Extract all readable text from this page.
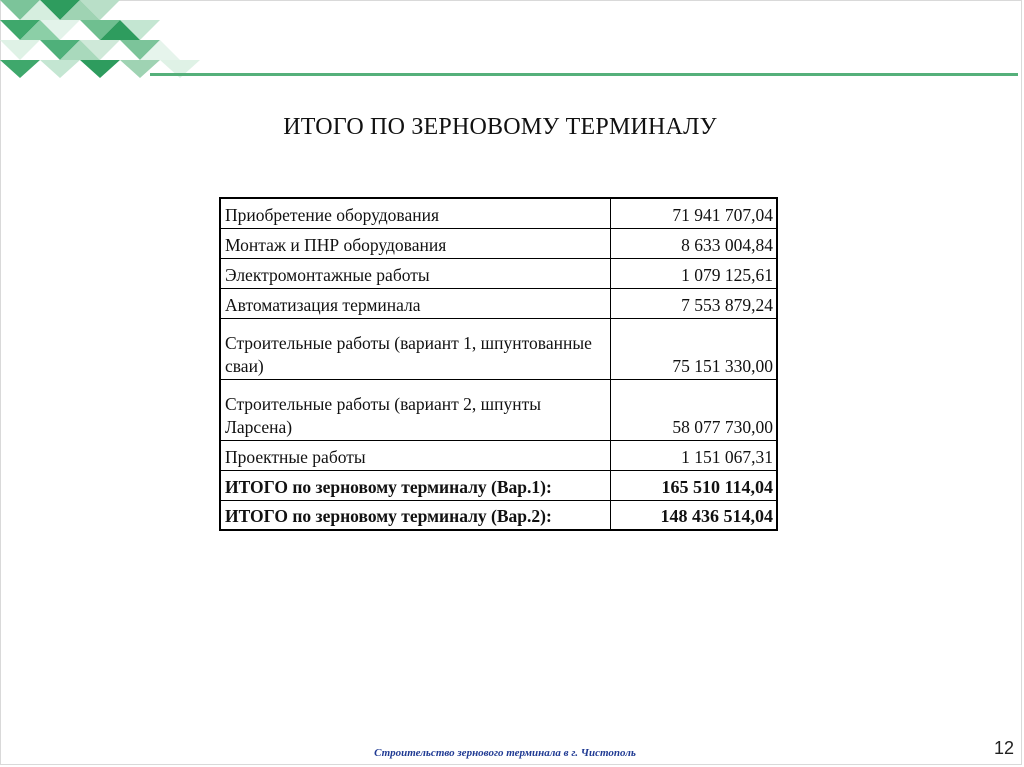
ИТОГО ПО ЗЕРНОВОМУ ТЕРМИНАЛУ
Приобретение оборудования	71 941 707,04
Монтаж и ПНР оборудования	8 633 004,84
Электромонтажные работы	1 079 125,61
Автоматизация терминала	7 553 879,24
Строительные работы (вариант 1, шпунтованные сваи)	75 151 330,00
Строительные работы (вариант 2, шпунты Ларсена)	58 077 730,00
Проектные работы	1 151 067,31
ИТОГО по зерновому терминалу (Вар.1):	165 510 114,04
ИТОГО по зерновому терминалу (Вар.2):	148 436 514,04
Строительство зернового терминала в г. Чистополь	12
